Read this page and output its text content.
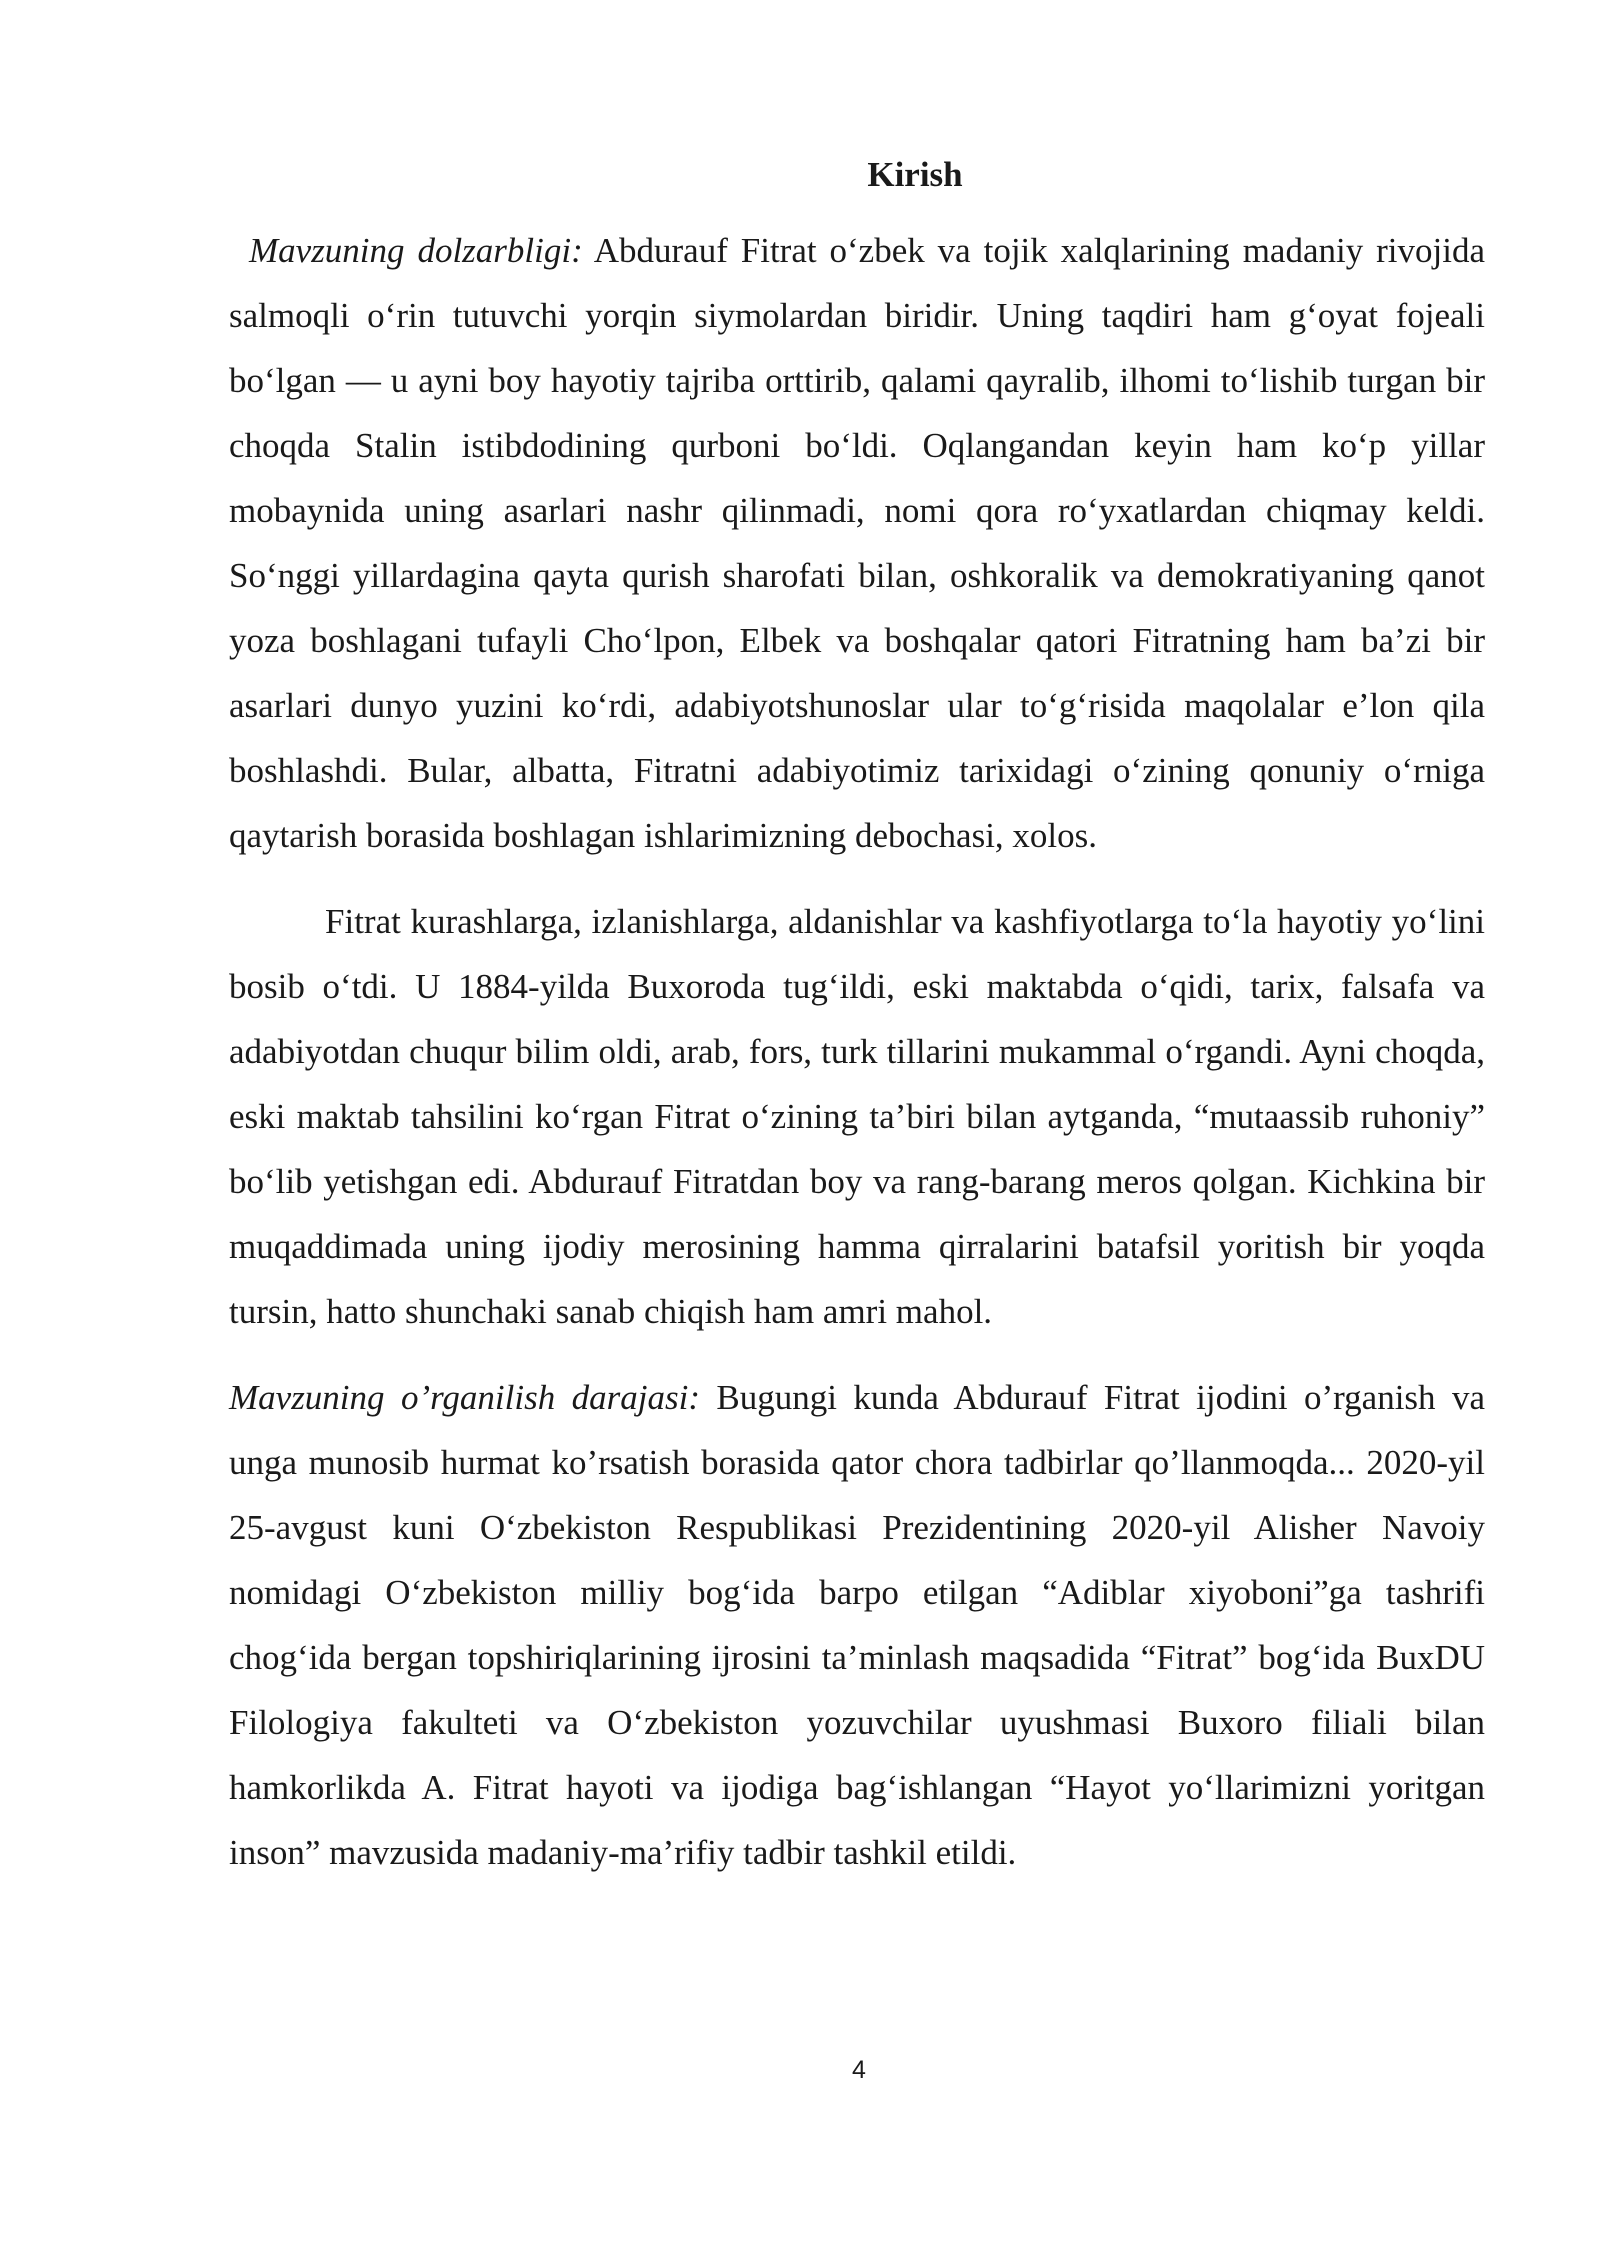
Kirish

Mavzuning dolzarbligi: Abdurauf Fitrat o‘zbek va tojik xalqlarining madaniy rivojida salmoqli o‘rin tutuvchi yorqin siymolardan biridir. Uning taqdiri ham g‘oyat fojeali bo‘lgan — u ayni boy hayotiy tajriba orttirib, qalami qayralib, ilhomi to‘lishib turgan bir choqda Stalin istibdodining qurboni bo‘ldi. Oqlangandan keyin ham ko‘p yillar mobaynida uning asarlari nashr qilinmadi, nomi qora ro‘yxatlardan chiqmay keldi. So‘nggi yillardagina qayta qurish sharofati bilan, oshkoralik va demokratiyaning qanot yoza boshlagani tufayli Cho‘lpon, Elbek va boshqalar qatori Fitratning ham ba’zi bir asarlari dunyo yuzini ko‘rdi, adabiyotshunoslar ular to‘g‘risida maqolalar e’lon qila boshlashdi. Bular, albatta, Fitratni adabiyotimiz tarixidagi o‘zining qonuniy o‘rniga qaytarish borasida boshlagan ishlarimizning debochasi, xolos.

Fitrat kurashlarga, izlanishlarga, aldanishlar va kashfiyotlarga to‘la hayotiy yo‘lini bosib o‘tdi. U 1884-yilda Buxoroda tug‘ildi, eski maktabda o‘qidi, tarix, falsafa va adabiyotdan chuqur bilim oldi, arab, fors, turk tillarini mukammal o‘rgandi. Ayni choqda, eski maktab tahsilini ko‘rgan Fitrat o‘zining ta’biri bilan aytganda, “mutaassib ruhoniy” bo‘lib yetishgan edi. Abdurauf Fitratdan boy va rang-barang meros qolgan. Kichkina bir muqaddimada uning ijodiy merosining hamma qirralarini batafsil yoritish bir yoqda tursin, hatto shunchaki sanab chiqish ham amri mahol.

Mavzuning o’rganilish darajasi: Bugungi kunda Abdurauf Fitrat ijodini o’rganish va unga munosib hurmat ko’rsatish borasida qator chora tadbirlar qo’llanmoqda... 2020-yil 25-avgust kuni O‘zbekiston Respublikasi Prezidentining 2020-yil Alisher Navoiy nomidagi O‘zbekiston milliy bog‘ida barpo etilgan “Adiblar xiyoboni”ga tashrifi chog‘ida bergan topshiriqlarining ijrosini ta’minlash maqsadida “Fitrat” bog‘ida BuxDU Filologiya fakulteti va O‘zbekiston yozuvchilar uyushmasi Buxoro filiali bilan hamkorlikda A. Fitrat hayoti va ijodiga bag‘ishlangan “Hayot yo‘llarimizni yoritgan inson” mavzusida madaniy-ma’rifiy tadbir tashkil etildi.

4
